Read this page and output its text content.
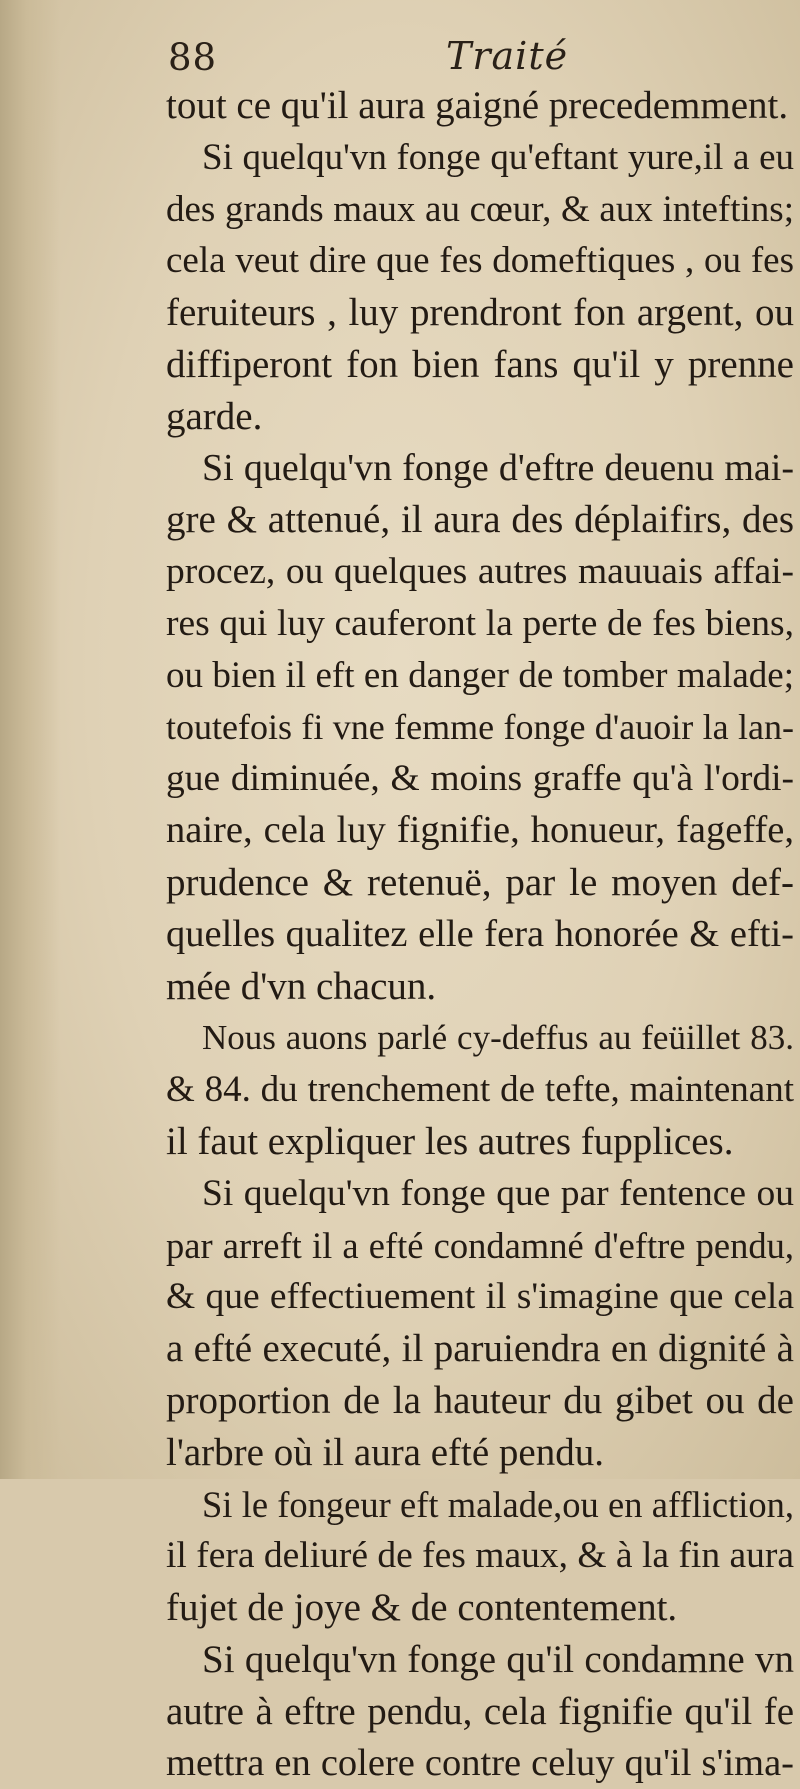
88	Traité
tout ce qu'il aura gaigné precedemment.
Si quelqu'vn fonge qu'eftant yure,il a eu
des grands maux au cœur, & aux inteftins;
cela veut dire que fes domeftiques , ou fes
feruiteurs , luy prendront fon argent, ou
diffiperont fon bien fans qu'il y prenne
garde.
Si quelqu'vn fonge d'eftre deuenu mai-
gre & attenué, il aura des déplaifirs, des
procez, ou quelques autres mauuais affai-
res qui luy cauferont la perte de fes biens,
ou bien il eft en danger de tomber malade;
toutefois fi vne femme fonge d'auoir la lan-
gue diminuée, & moins graffe qu'à l'ordi-
naire, cela luy fignifie, honueur, fageffe,
prudence & retenuë, par le moyen def-
quelles qualitez elle fera honorée & efti-
mée d'vn chacun.
Nous auons parlé cy-deffus au feüillet 83.
& 84. du trenchement de tefte, maintenant
il faut expliquer les autres fupplices.
Si quelqu'vn fonge que par fentence ou
par arreft il a efté condamné d'eftre pendu,
& que effectiuement il s'imagine que cela
a efté executé, il paruiendra en dignité à
proportion de la hauteur du gibet ou de
l'arbre où il aura efté pendu.
Si le fongeur eft malade,ou en affliction,
il fera deliuré de fes maux, & à la fin aura
fujet de joye & de contentement.
Si quelqu'vn fonge qu'il condamne vn
autre à eftre pendu, cela fignifie qu'il fe
mettra en colere contre celuy qu'il s'ima-
